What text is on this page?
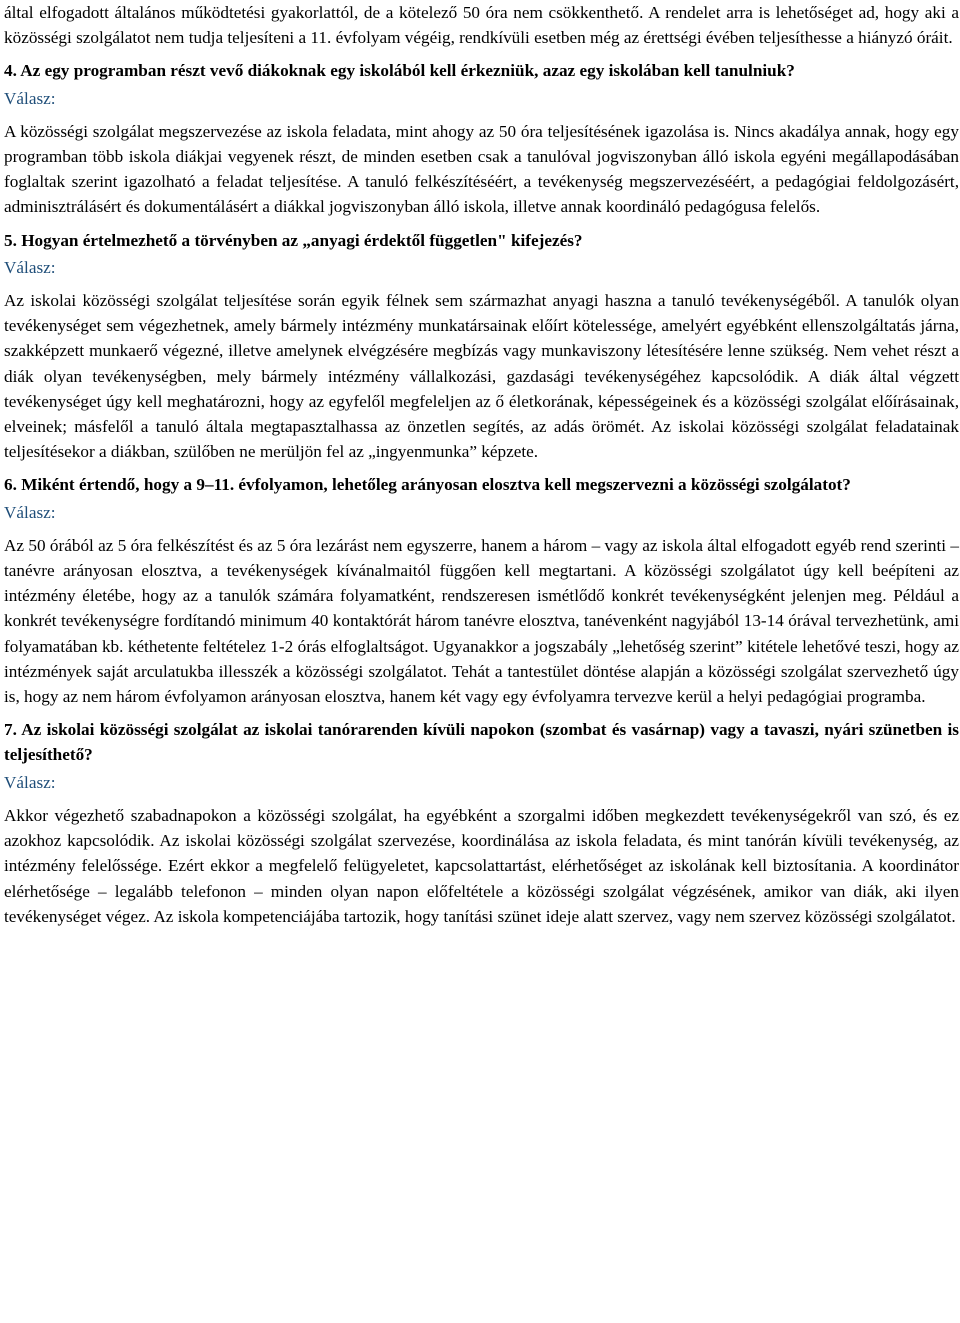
által elfogadott általános működtetési gyakorlattól, de a kötelező 50 óra nem csökkenthető. A rendelet arra is lehetőséget ad, hogy aki a közösségi szolgálatot nem tudja teljesíteni a 11. évfolyam végéig, rendkívüli esetben még az érettségi évében teljesíthesse a hiányzó óráit.

4. Az egy programban részt vevő diákoknak egy iskolából kell érkezniük, azaz egy iskolában kell tanulniuk?

Válasz:

A közösségi szolgálat megszervezése az iskola feladata, mint ahogy az 50 óra teljesítésének igazolása is. Nincs akadálya annak, hogy egy programban több iskola diákjai vegyenek részt, de minden esetben csak a tanulóval jogviszonyban álló iskola egyéni megállapodásában foglaltak szerint igazolható a feladat teljesítése. A tanuló felkészítéséért, a tevékenység megszervezéséért, a pedagógiai feldolgozásért, adminisztrálásért és dokumentálásért a diákkal jogviszonyban álló iskola, illetve annak koordináló pedagógusa felelős.

5. Hogyan értelmezhető a törvényben az „anyagi érdektől független" kifejezés?

Válasz:

Az iskolai közösségi szolgálat teljesítése során egyik félnek sem származhat anyagi haszna a tanuló tevékenységéből. A tanulók olyan tevékenységet sem végezhetnek, amely bármely intézmény munkatársainak előírt kötelessége, amelyért egyébként ellenszolgáltatás járna, szakképzett munkaerő végezné, illetve amelynek elvégzésére megbízás vagy munkaviszony létesítésére lenne szükség. Nem vehet részt a diák olyan tevékenységben, mely bármely intézmény vállalkozási, gazdasági tevékenységéhez kapcsolódik. A diák által végzett tevékenységet úgy kell meghatározni, hogy az egyfelől megfeleljen az ő életkorának, képességeinek és a közösségi szolgálat előírásainak, elveinek; másfelől a tanuló általa megtapasztalhassa az önzetlen segítés, az adás örömét. Az iskolai közösségi szolgálat feladatainak teljesítésekor a diákban, szülőben ne merüljön fel az „ingyenmunka” képzete.

6. Miként értendő, hogy a 9–11. évfolyamon, lehetőleg arányosan elosztva kell megszervezni a közösségi szolgálatot?

Válasz:

Az 50 órából az 5 óra felkészítést és az 5 óra lezárást nem egyszerre, hanem a három – vagy az iskola által elfogadott egyéb rend szerinti – tanévre arányosan elosztva, a tevékenységek kívánalmaitól függően kell megtartani. A közösségi szolgálatot úgy kell beépíteni az intézmény életébe, hogy az a tanulók számára folyamatként, rendszeresen ismétlődő konkrét tevékenységként jelenjen meg. Például a konkrét tevékenységre fordítandó minimum 40 kontaktórát három tanévre elosztva, tanévenként nagyjából 13-14 órával tervezhetünk, ami folyamatában kb. kéthetente feltételez 1-2 órás elfoglaltságot. Ugyanakkor a jogszabály „lehetőség szerint” kitétele lehetővé teszi, hogy az intézmények saját arculatukba illesszék a közösségi szolgálatot. Tehát a tantestület döntése alapján a közösségi szolgálat szervezhető úgy is, hogy az nem három évfolyamon arányosan elosztva, hanem két vagy egy évfolyamra tervezve kerül a helyi pedagógiai programba.

7. Az iskolai közösségi szolgálat az iskolai tanórarenden kívüli napokon (szombat és vasárnap) vagy a tavaszi, nyári szünetben is teljesíthető?

Válasz:

Akkor végezhető szabadnapokon a közösségi szolgálat, ha egyébként a szorgalmi időben megkezdett tevékenységekről van szó, és ez azokhoz kapcsolódik. Az iskolai közösségi szolgálat szervezése, koordinálása az iskola feladata, és mint tanórán kívüli tevékenység, az intézmény felelőssége. Ezért ekkor a megfelelő felügyeletet, kapcsolattartást, elérhetőséget az iskolának kell biztosítania. A koordinátor elérhetősége – legalább telefonon – minden olyan napon előfeltétele a közösségi szolgálat végzésének, amikor van diák, aki ilyen tevékenységet végez. Az iskola kompetenciájába tartozik, hogy tanítási szünet ideje alatt szervez, vagy nem szervez közösségi szolgálatot.
